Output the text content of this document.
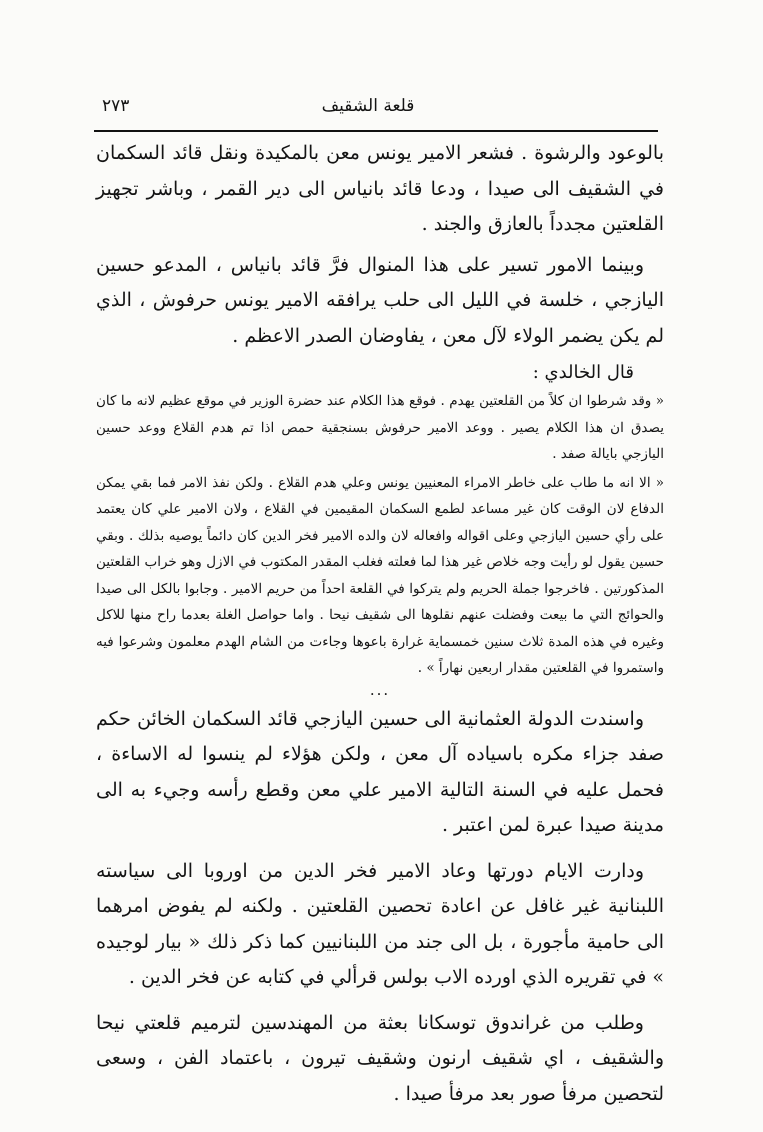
قلعة الشقيف
٢٧٣

بالوعود والرشوة . فشعر الامير يونس معن بالمكيدة ونقل قائد السكمان في الشقيف الى صيدا ، ودعا قائد بانياس الى دير القمر ، وباشر تجهيز القلعتين مجدداً بالعازق والجند .

وبينما الامور تسير على هذا المنوال فرَّ قائد بانياس ، المدعو حسين اليازجي ، خلسة في الليل الى حلب يرافقه الامير يونس حرفوش ، الذي لم يكن يضمر الولاء لآل معن ، يفاوضان الصدر الاعظم .

قال الخالدي :

« وقد شرطوا ان كلاً من القلعتين يهدم . فوقع هذا الكلام عند حضرة الوزير في موقع عظيم لانه ما كان يصدق ان هذا الكلام يصير . ووعد الامير حرفوش بسنجقية حمص اذا تم هدم القلاع ووعد حسين اليازجي بايالة صفد .

« الا انه ما طاب على خاطر الامراء المعنيين يونس وعلي هدم القلاع . ولكن نفذ الامر فما بقي يمكن الدفاع لان الوقت كان غير مساعد لطمع السكمان المقيمين في القلاع ، ولان الامير علي كان يعتمد على رأي حسين اليازجي وعلى اقواله وافعاله لان والده الامير فخر الدين كان دائماً يوصيه بذلك . وبقي حسين يقول لو رأيت وجه خلاص غير هذا لما فعلته فغلب المقدر المكتوب في الازل وهو خراب القلعتين المذكورتين . فاخرجوا جملة الحريم ولم يتركوا في القلعة احداً من حريم الامير . وجابوا بالكل الى صيدا والحوائج التي ما بيعت وفضلت عنهم نقلوها الى شقيف نيحا . واما حواصل الغلة بعدما راح منها للاكل وغيره في هذه المدة ثلاث سنين خمسماية غرارة باعوها وجاءت من الشام الهدم معلمون وشرعوا فيه واستمروا في القلعتين مقدار اربعين نهاراً » .

...

واسندت الدولة العثمانية الى حسين اليازجي قائد السكمان الخائن حكم صفد جزاء مكره باسياده آل معن ، ولكن هؤلاء لم ينسوا له الاساءة ، فحمل عليه في السنة التالية الامير علي معن وقطع رأسه وجيء به الى مدينة صيدا عبرة لمن اعتبر .

ودارت الايام دورتها وعاد الامير فخر الدين من اوروبا الى سياسته اللبنانية غير غافل عن اعادة تحصين القلعتين . ولكنه لم يفوض امرهما الى حامية مأجورة ، بل الى جند من اللبنانيين كما ذكر ذلك « بيار لوجيده » في تقريره الذي اورده الاب بولس قرألي في كتابه عن فخر الدين .

وطلب من غراندوق توسكانا بعثة من المهندسين لترميم قلعتي نيحا والشقيف ، اي شقيف ارنون وشقيف تيرون ، باعتماد الفن ، وسعى لتحصين مرفأ صور بعد مرفأ صيدا .
